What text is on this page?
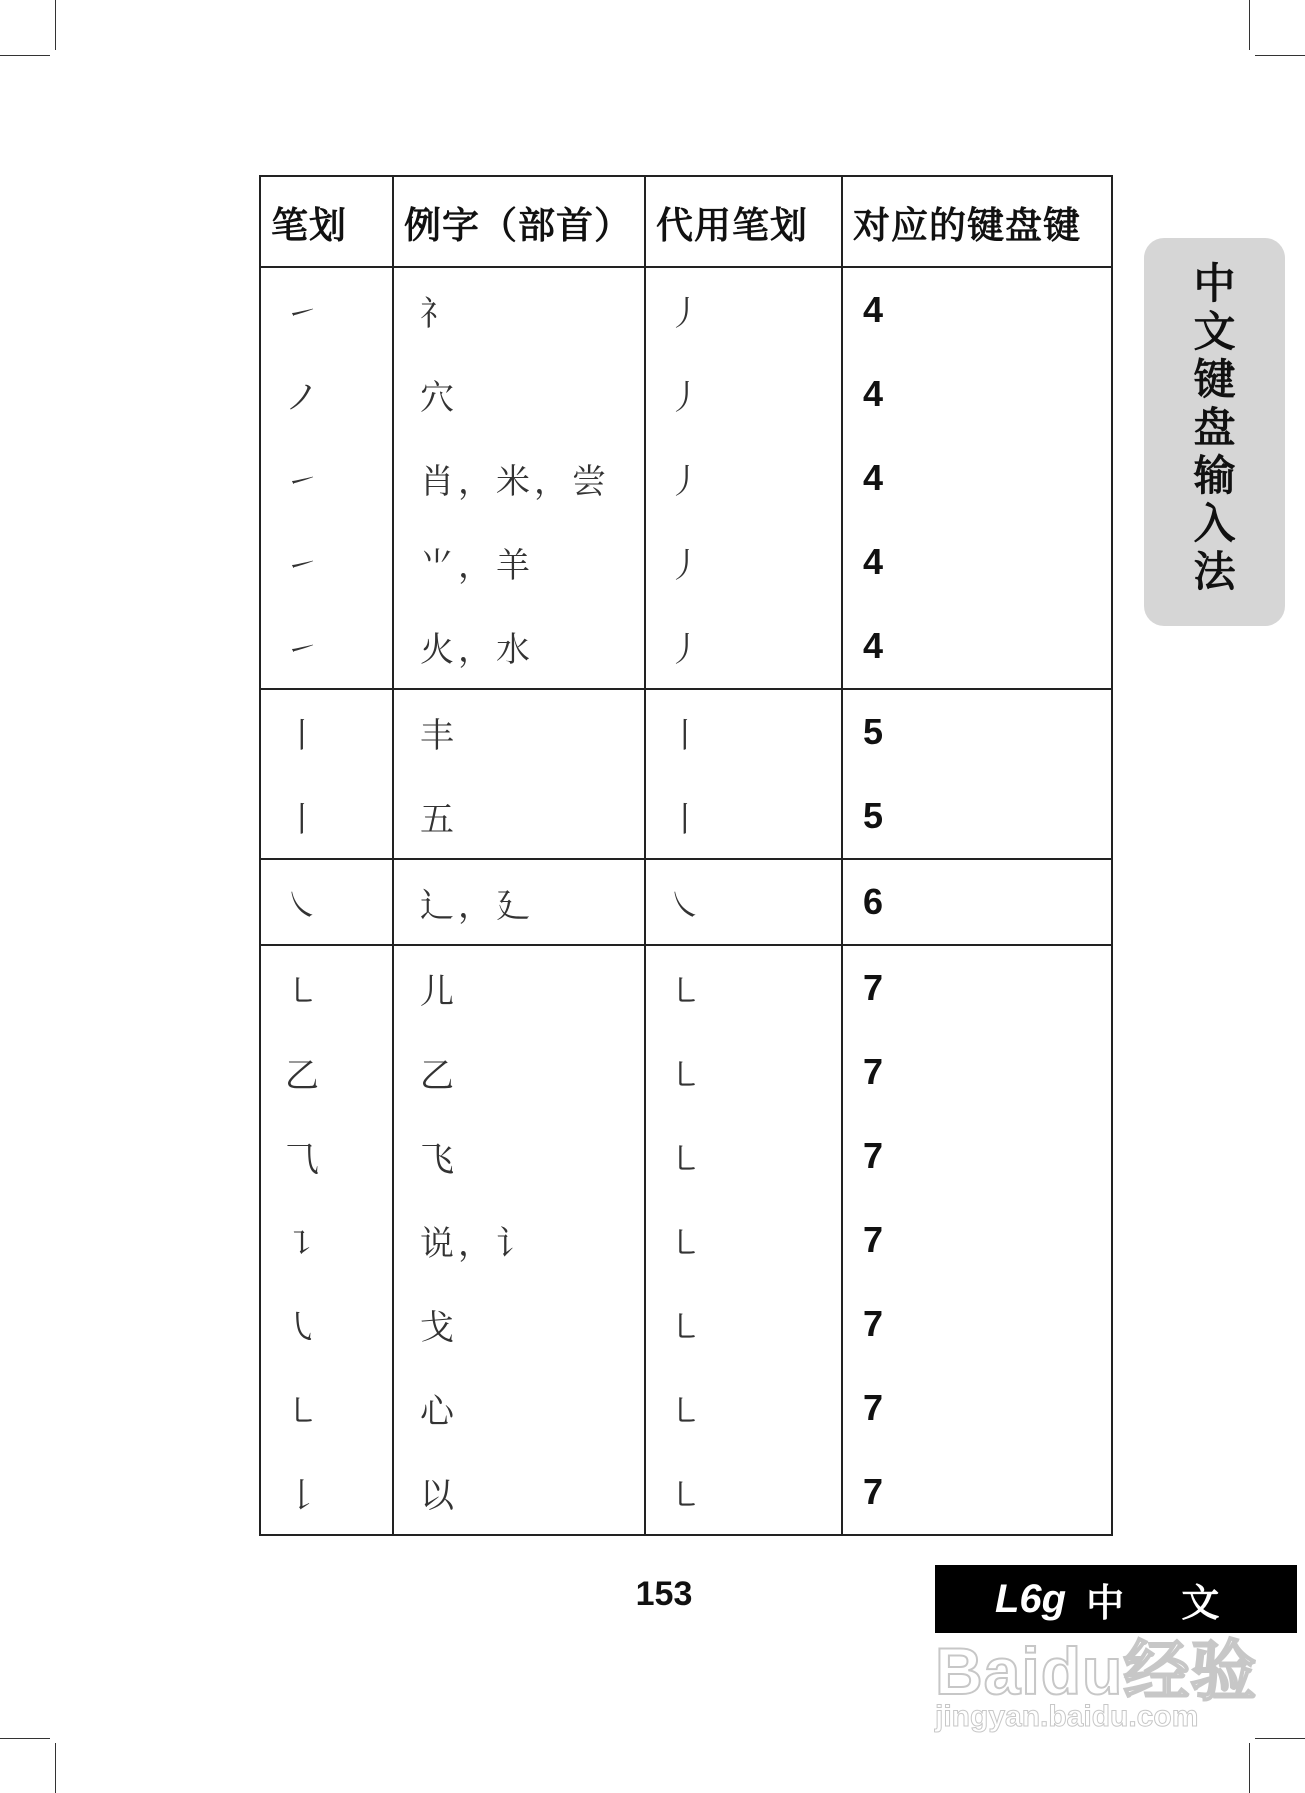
笔划	例字（部首）	代用笔划	对应的键盘键
㇀	礻	丿	4
ノ	穴	丿	4
㇀	肖，米，尝	丿	4
㇀	⺌，羊	丿	4
㇀	火，水	丿	4
丨	丰	丨	5
丨	五	丨	5
㇏	辶，廴	㇏	6
㇄	儿	㇄	7
乙	乙	㇄	7
⺄	飞	㇄	7
㇊	说，讠	㇄	7
㇂	戈	㇄	7
㇄	心	㇄	7
𠄌	以	㇄	7
中文键盘输入法
153	L6g 中 文
Baidu经验
jingyan.baidu.com
